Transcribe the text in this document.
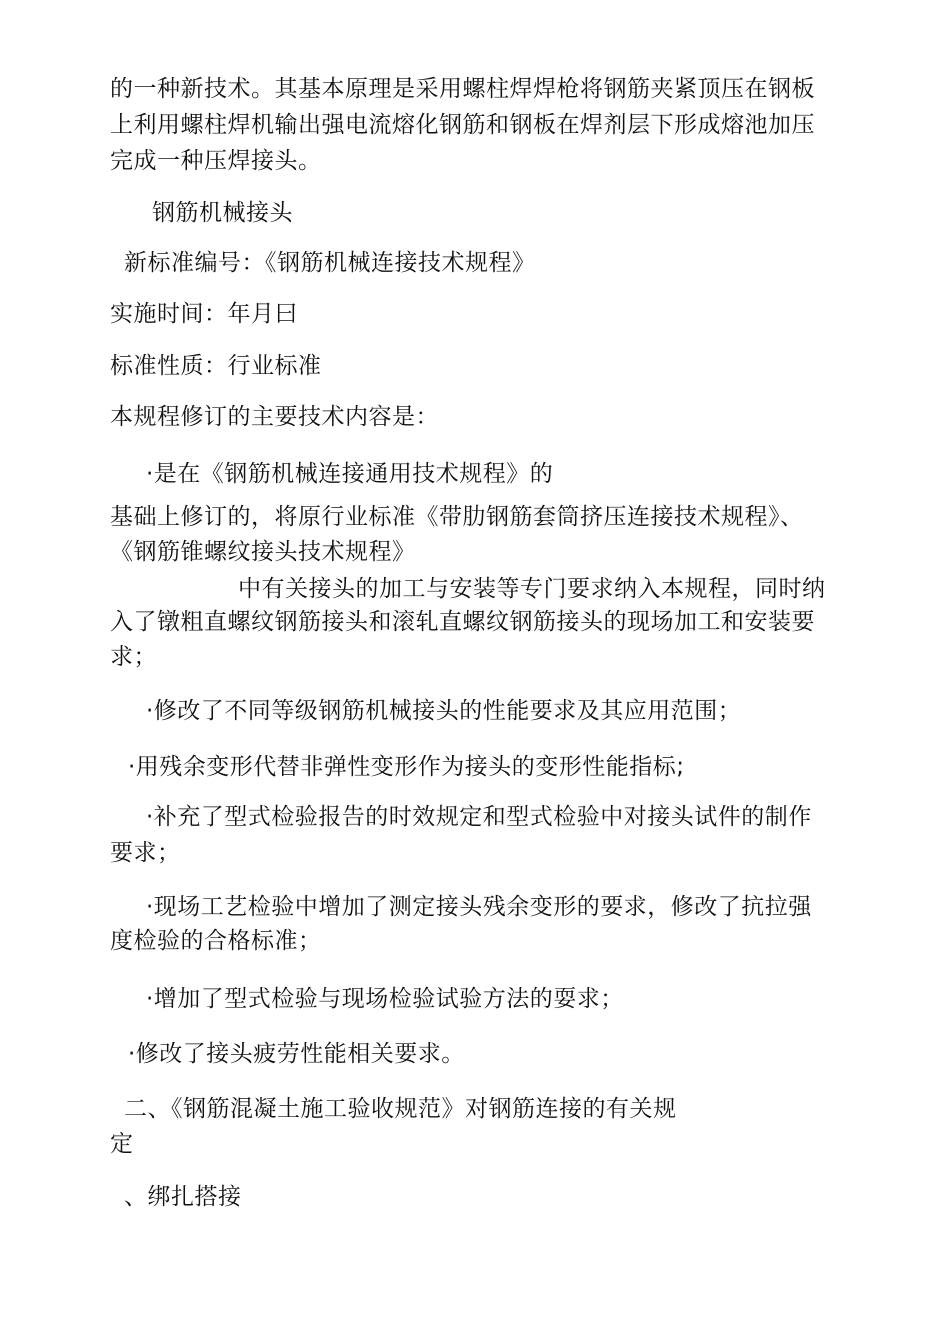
的一种新技术。其基本原理是采用螺柱焊焊枪将钢筋夹紧顶压在钢板
上利用螺柱焊机输出强电流熔化钢筋和钢板在焊剂层下形成熔池加压
完成一种压焊接头。
钢筋机械接头
新标准编号：《钢筋机械连接技术规程》
实施时间：年月曰
标准性质：行业标准
本规程修订的主要技术内容是：
·是在《钢筋机械连接通用技术规程》的
基础上修订的，将原行业标准《带肋钢筋套筒挤压连接技术规程》、
《钢筋锥螺纹接头技术规程》
中有关接头的加工与安装等专门要求纳入本规程，同时纳
入了镦粗直螺纹钢筋接头和滚轧直螺纹钢筋接头的现场加工和安装要
求；
·修改了不同等级钢筋机械接头的性能要求及其应用范围；
·用残余变形代替非弹性变形作为接头的变形性能指标;
·补充了型式检验报告的时效规定和型式检验中对接头试件的制作
要求；
·现场工艺检验中增加了测定接头残余变形的要求，修改了抗拉强
度检验的合格标准；
·增加了型式检验与现场检验试验方法的耍求；
·修改了接头疲劳性能相关要求。
二、《钢筋混凝土施工验收规范》对钢筋连接的有关规
定
、绑扎搭接
